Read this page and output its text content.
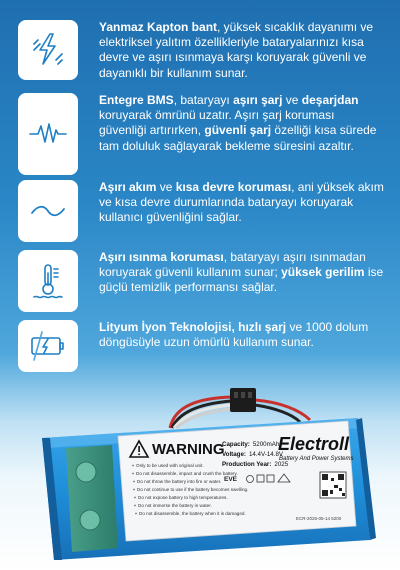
Yanmaz Kapton bant, yüksek sıcaklık dayanımı ve elektriksel yalıtım özellikleriyle bataryalarınızı kısa devre ve aşırı ısınmaya karşı koruyarak güvenli ve dayanıklı bir kullanım sunar.
Entegre BMS, bataryayı aşırı şarj ve deşarjdan koruyarak ömrünü uzatır. Aşırı şarj koruması güvenliği artırırken, güvenli şarj özelliği kısa sürede tam doluluk sağlayarak bekleme süresini azaltır.
Aşırı akım ve kısa devre koruması, ani yüksek akım ve kısa devre durumlarında bataryayı koruyarak kullanıcı güvenliğini sağlar.
Aşırı ısınma koruması, bataryayı aşırı ısınmadan koruyarak güvenli kullanım sunar; yüksek gerilim ise güçlü temizlik performansı sağlar.
Lityum İyon Teknolojisi, hızlı şarj ve 1000 dolum döngüsüyle uzun ömürlü kullanım sunar.
WARNING
Only to be used with original unit.
Do not disassemble, impact and crush the battery.
Do not throw the battery into fire or water.
Do not continue to use if the battery becomes swelling.
Do not expose battery to high temperatures.
Do not immerse the battery in water.
Do not disassemble, the battery when it is damaged.
Capacity: 5200mAh
Voltage: 14.4V-14.8V
Production Year: 2025
Electroll
Battery And Power Systems
EVE
ECR-2025-05-14 5200
